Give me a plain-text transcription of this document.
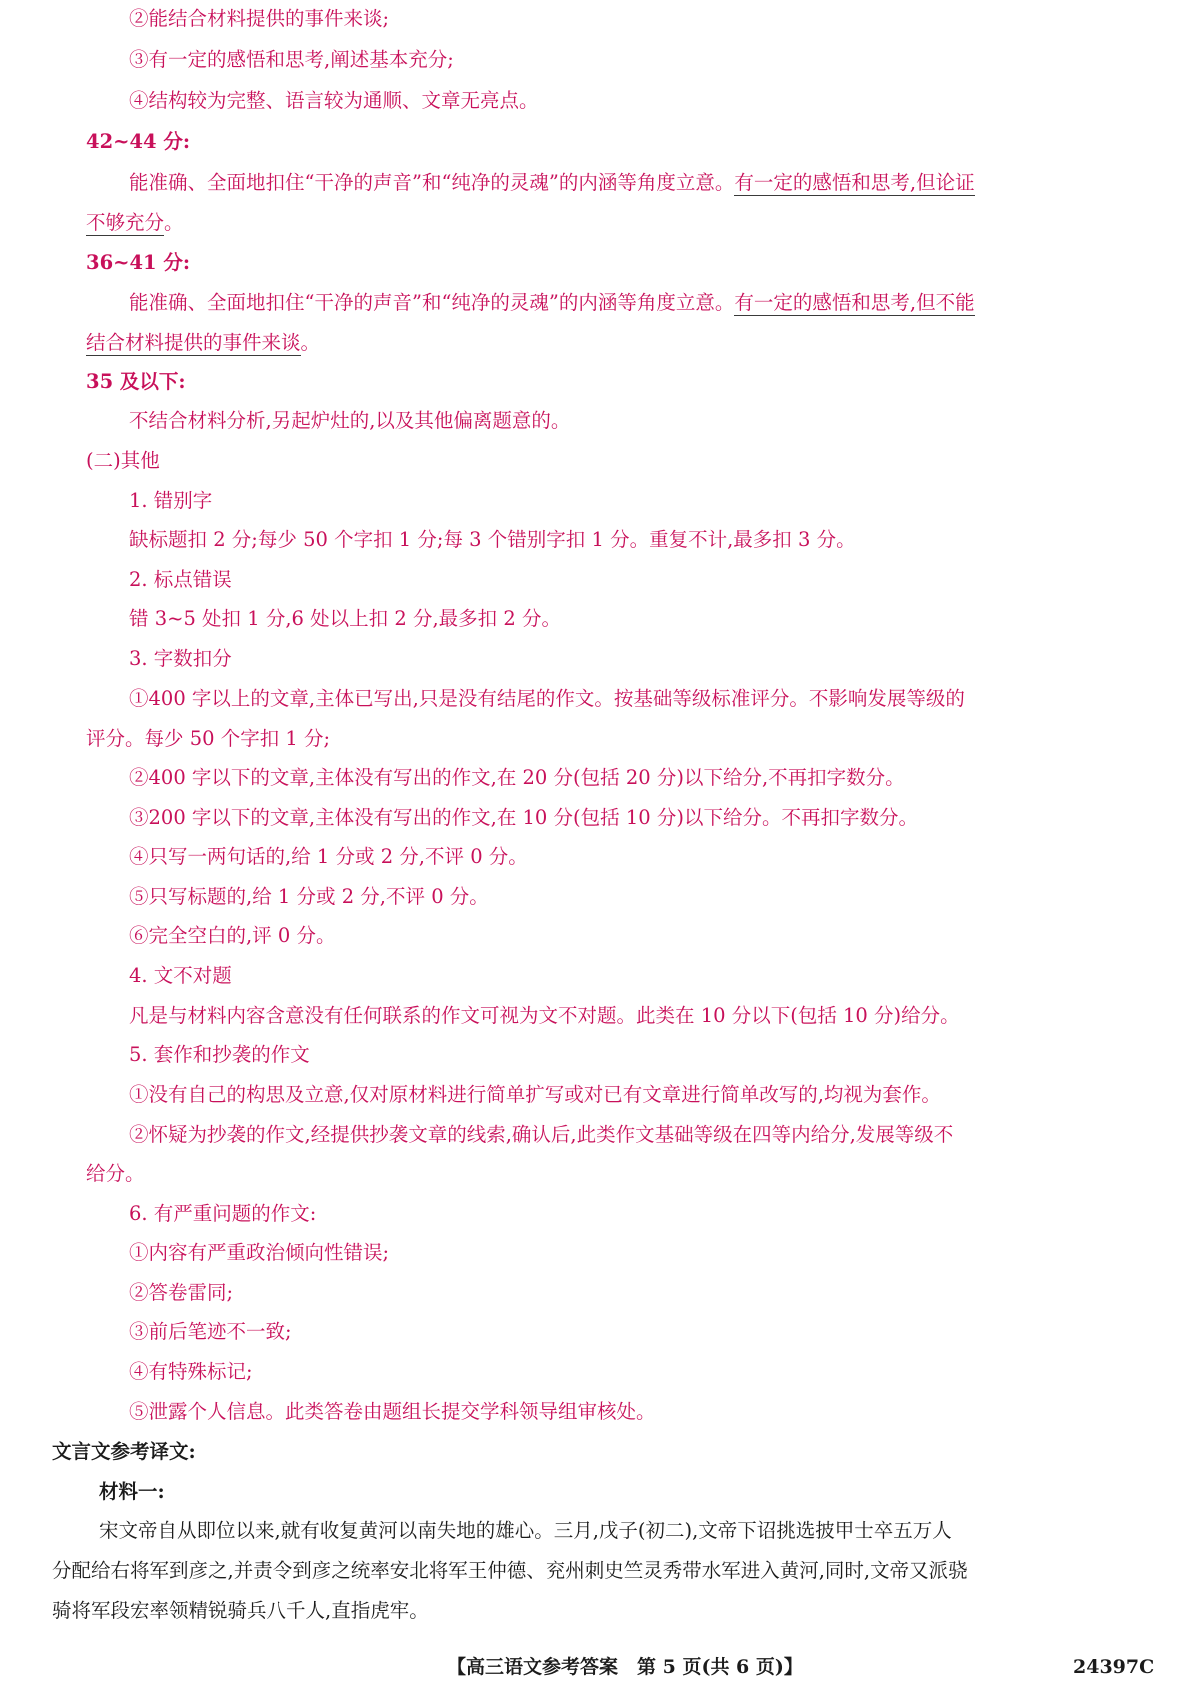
②能结合材料提供的事件来谈;
③有一定的感悟和思考,阐述基本充分;
④结构较为完整、语言较为通顺、文章无亮点。
42~44 分:
能准确、全面地扣住“干净的声音”和“纯净的灵魂”的内涵等角度立意。有一定的感悟和思考,但论证
不够充分。
36~41 分:
能准确、全面地扣住“干净的声音”和“纯净的灵魂”的内涵等角度立意。有一定的感悟和思考,但不能
结合材料提供的事件来谈。
35 及以下:
不结合材料分析,另起炉灶的,以及其他偏离题意的。
(二)其他
1. 错别字
缺标题扣 2 分;每少 50 个字扣 1 分;每 3 个错别字扣 1 分。重复不计,最多扣 3 分。
2. 标点错误
错 3~5 处扣 1 分,6 处以上扣 2 分,最多扣 2 分。
3. 字数扣分
①400 字以上的文章,主体已写出,只是没有结尾的作文。按基础等级标准评分。不影响发展等级的
评分。每少 50 个字扣 1 分;
②400 字以下的文章,主体没有写出的作文,在 20 分(包括 20 分)以下给分,不再扣字数分。
③200 字以下的文章,主体没有写出的作文,在 10 分(包括 10 分)以下给分。不再扣字数分。
④只写一两句话的,给 1 分或 2 分,不评 0 分。
⑤只写标题的,给 1 分或 2 分,不评 0 分。
⑥完全空白的,评 0 分。
4. 文不对题
凡是与材料内容含意没有任何联系的作文可视为文不对题。此类在 10 分以下(包括 10 分)给分。
5. 套作和抄袭的作文
①没有自己的构思及立意,仅对原材料进行简单扩写或对已有文章进行简单改写的,均视为套作。
②怀疑为抄袭的作文,经提供抄袭文章的线索,确认后,此类作文基础等级在四等内给分,发展等级不
给分。
6. 有严重问题的作文:
①内容有严重政治倾向性错误;
②答卷雷同;
③前后笔迹不一致;
④有特殊标记;
⑤泄露个人信息。此类答卷由题组长提交学科领导组审核处。
文言文参考译文:
材料一:
宋文帝自从即位以来,就有收复黄河以南失地的雄心。三月,戊子(初二),文帝下诏挑选披甲士卒五万人
分配给右将军到彦之,并责令到彦之统率安北将军王仲德、兖州刺史竺灵秀带水军进入黄河,同时,文帝又派骁
骑将军段宏率领精锐骑兵八千人,直指虎牢。
【高三语文参考答案　第 5 页(共 6 页)】	24397C
